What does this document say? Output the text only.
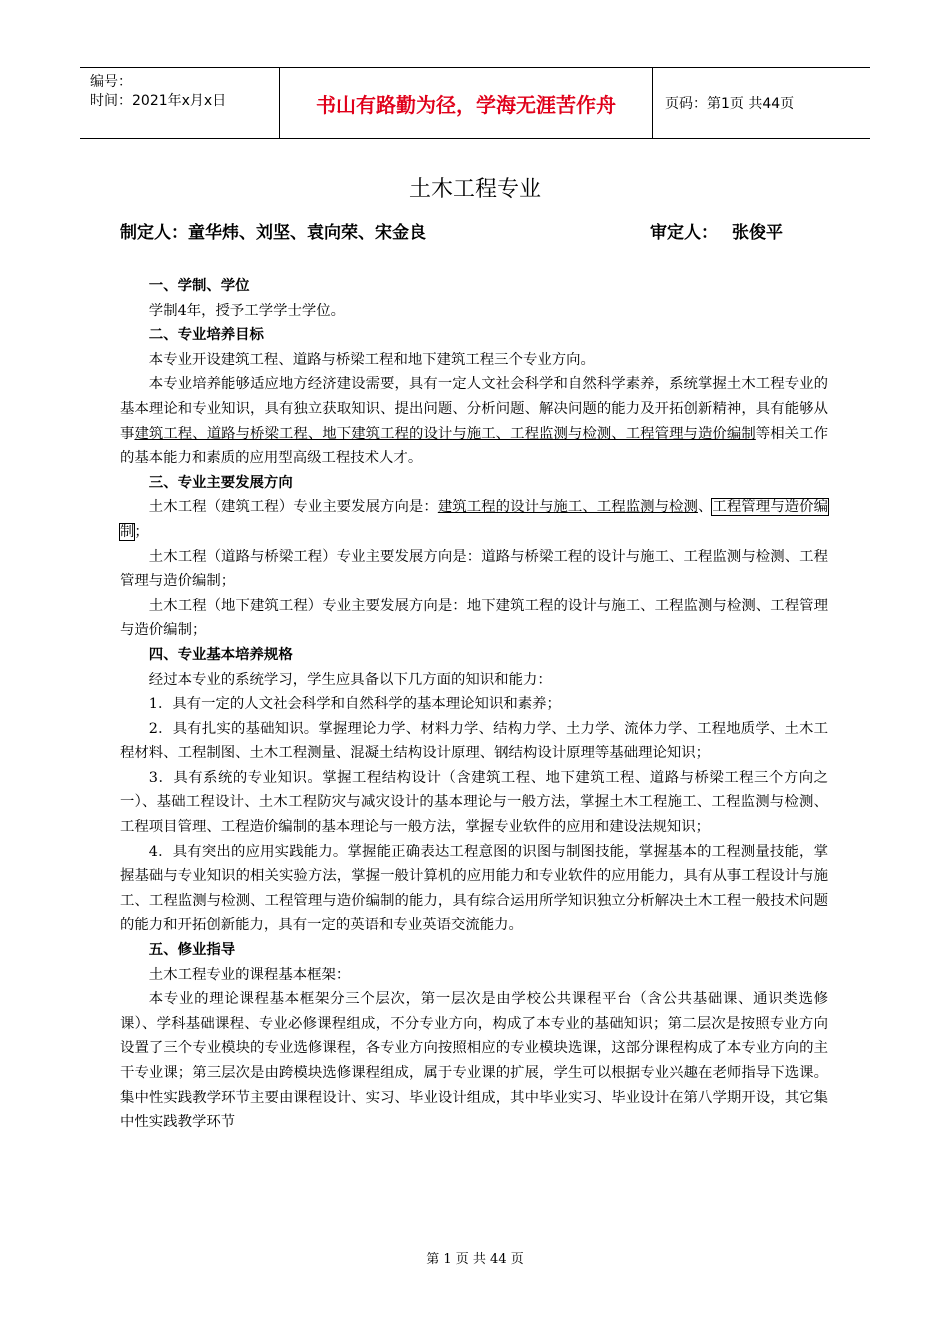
编号：
时间：2021年x月x日	书山有路勤为径，学海无涯苦作舟	页码：第1页 共44页
土木工程专业
制定人：童华炜、刘坚、袁向荣、宋金良	审定人： 张俊平
一、学制、学位

学制4年，授予工学学士学位。

二、专业培养目标

本专业开设建筑工程、道路与桥梁工程和地下建筑工程三个专业方向。

本专业培养能够适应地方经济建设需要，具有一定人文社会科学和自然科学素养，系统掌握土木工程专业的基本理论和专业知识，具有独立获取知识、提出问题、分析问题、解决问题的能力及开拓创新精神，具有能够从事建筑工程、道路与桥梁工程、地下建筑工程的设计与施工、工程监测与检测、工程管理与造价编制等相关工作的基本能力和素质的应用型高级工程技术人才。

三、专业主要发展方向

土木工程（建筑工程）专业主要发展方向是：建筑工程的设计与施工、工程监测与检测、工程管理与造价编制；

土木工程（道路与桥梁工程）专业主要发展方向是：道路与桥梁工程的设计与施工、工程监测与检测、工程管理与造价编制；

土木工程（地下建筑工程）专业主要发展方向是：地下建筑工程的设计与施工、工程监测与检测、工程管理与造价编制；

四、专业基本培养规格

经过本专业的系统学习，学生应具备以下几方面的知识和能力：

1．具有一定的人文社会科学和自然科学的基本理论知识和素养；

2．具有扎实的基础知识。掌握理论力学、材料力学、结构力学、土力学、流体力学、工程地质学、土木工程材料、工程制图、土木工程测量、混凝土结构设计原理、钢结构设计原理等基础理论知识；

3．具有系统的专业知识。掌握工程结构设计（含建筑工程、地下建筑工程、道路与桥梁工程三个方向之一）、基础工程设计、土木工程防灾与减灾设计的基本理论与一般方法，掌握土木工程施工、工程监测与检测、工程项目管理、工程造价编制的基本理论与一般方法，掌握专业软件的应用和建设法规知识；

4．具有突出的应用实践能力。掌握能正确表达工程意图的识图与制图技能，掌握基本的工程测量技能，掌握基础与专业知识的相关实验方法，掌握一般计算机的应用能力和专业软件的应用能力，具有从事工程设计与施工、工程监测与检测、工程管理与造价编制的能力，具有综合运用所学知识独立分析解决土木工程一般技术问题的能力和开拓创新能力，具有一定的英语和专业英语交流能力。

五、修业指导

土木工程专业的课程基本框架：

本专业的理论课程基本框架分三个层次，第一层次是由学校公共课程平台（含公共基础课、通识类选修课）、学科基础课程、专业必修课程组成，不分专业方向，构成了本专业的基础知识；第二层次是按照专业方向设置了三个专业模块的专业选修课程，各专业方向按照相应的专业模块选课，这部分课程构成了本专业方向的主干专业课；第三层次是由跨模块选修课程组成，属于专业课的扩展，学生可以根据专业兴趣在老师指导下选课。集中性实践教学环节主要由课程设计、实习、毕业设计组成，其中毕业实习、毕业设计在第八学期开设，其它集中性实践教学环节

第 1 页 共 44 页
